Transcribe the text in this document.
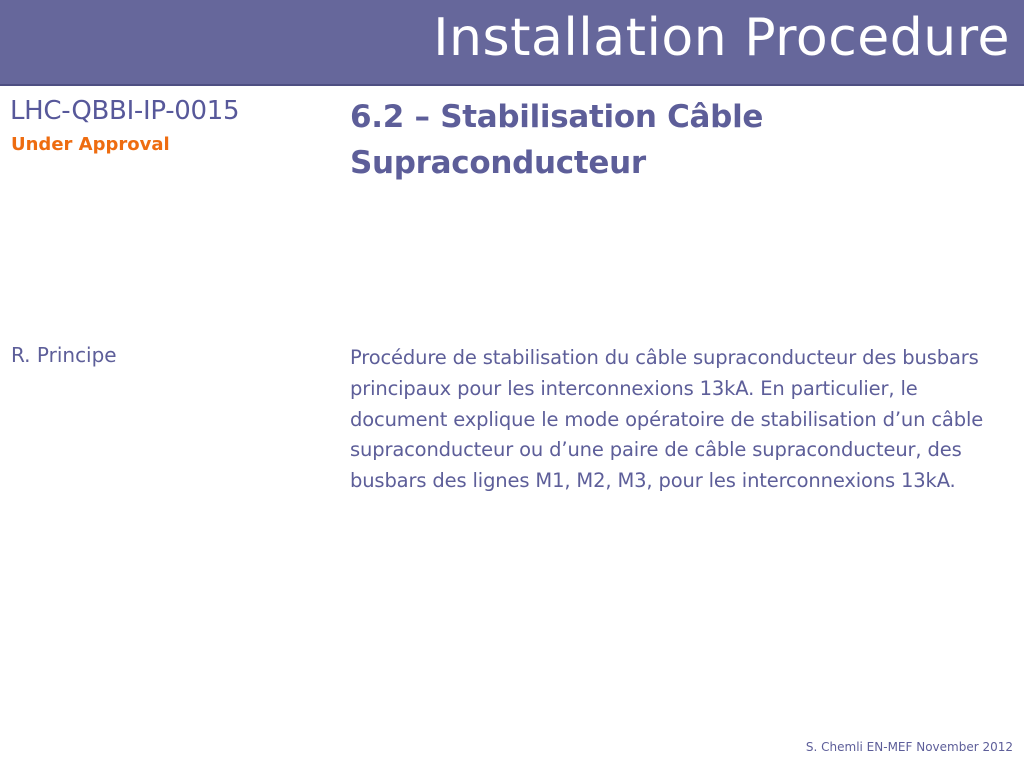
Installation Procedure
LHC-QBBI-IP-0015
Under Approval
6.2 – Stabilisation Câble Supraconducteur
R. Principe	Procédure de stabilisation du câble supraconducteur des busbars principaux pour les interconnexions 13kA. En particulier, le document explique le mode opératoire de stabilisation d’un câble supraconducteur ou d’une paire de câble supraconducteur, des busbars des lignes M1, M2, M3, pour les interconnexions 13kA.
S. Chemli EN-MEF November 2012
